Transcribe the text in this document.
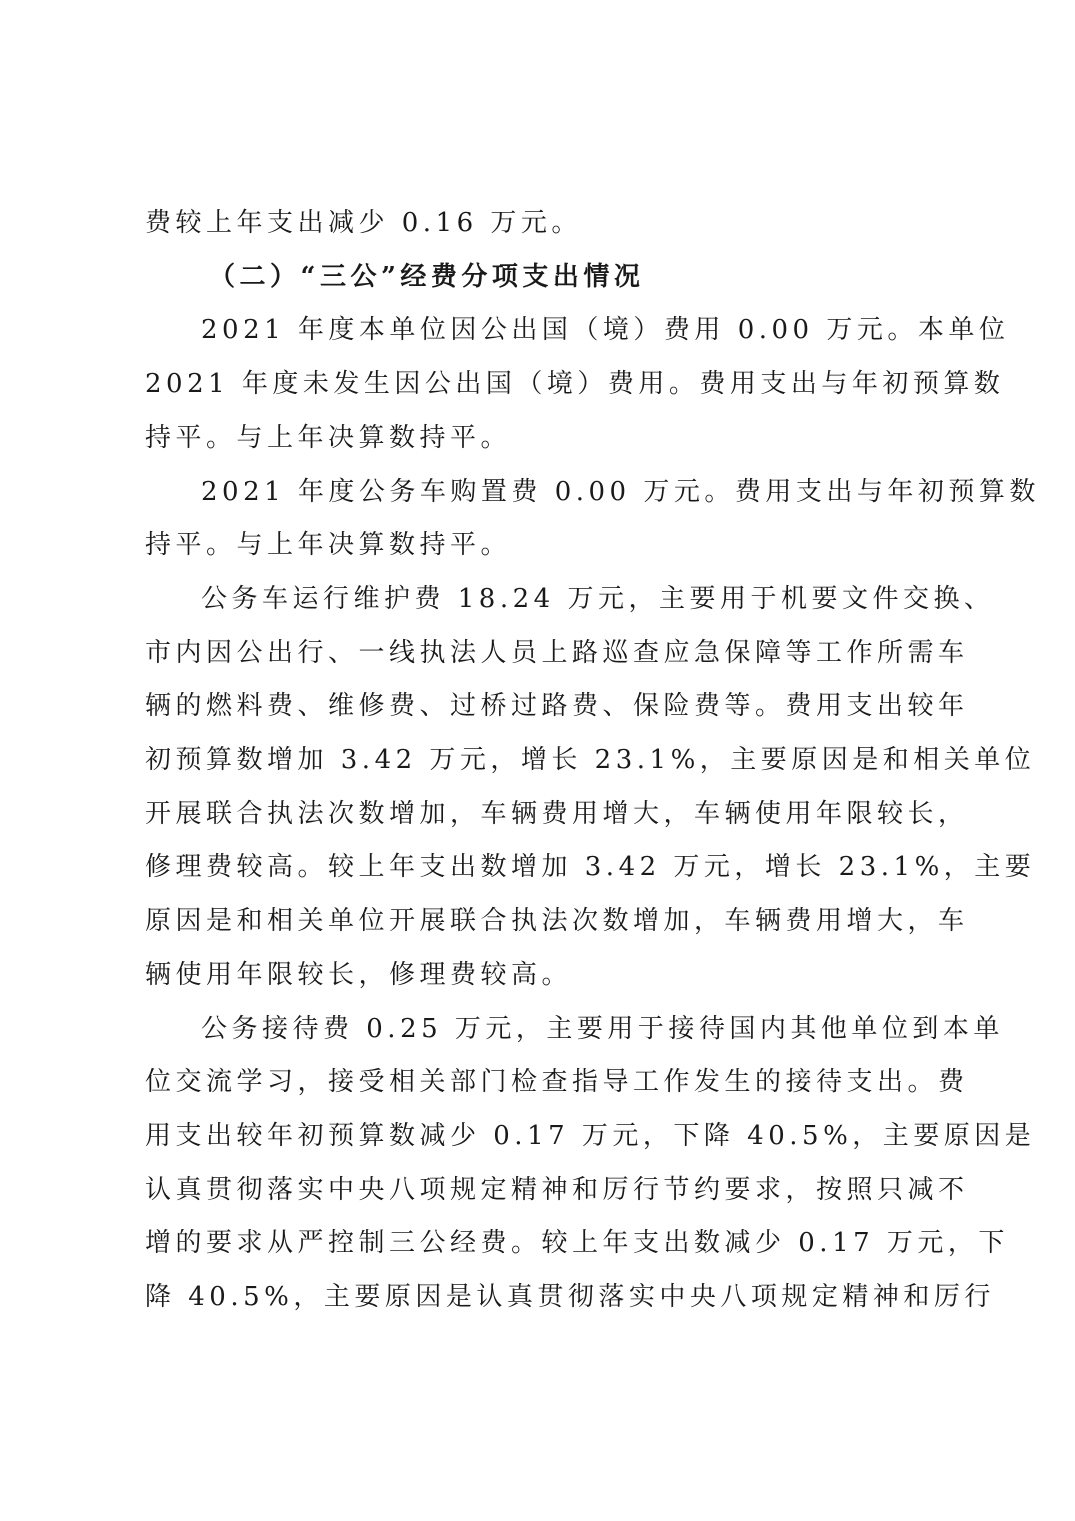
费较上年支出减少 0.16 万元。
（二）“三公”经费分项支出情况
2021 年度本单位因公出国（境）费用 0.00 万元。本单位
2021 年度未发生因公出国（境）费用。费用支出与年初预算数
持平。与上年决算数持平。
2021 年度公务车购置费 0.00 万元。费用支出与年初预算数
持平。与上年决算数持平。
公务车运行维护费 18.24 万元，主要用于机要文件交换、
市内因公出行、一线执法人员上路巡查应急保障等工作所需车
辆的燃料费、维修费、过桥过路费、保险费等。费用支出较年
初预算数增加 3.42 万元，增长 23.1%，主要原因是和相关单位
开展联合执法次数增加，车辆费用增大，车辆使用年限较长，
修理费较高。较上年支出数增加 3.42 万元，增长 23.1%，主要
原因是和相关单位开展联合执法次数增加，车辆费用增大，车
辆使用年限较长，修理费较高。
公务接待费 0.25 万元，主要用于接待国内其他单位到本单
位交流学习，接受相关部门检查指导工作发生的接待支出。费
用支出较年初预算数减少 0.17 万元，下降 40.5%，主要原因是
认真贯彻落实中央八项规定精神和厉行节约要求，按照只减不
增的要求从严控制三公经费。较上年支出数减少 0.17 万元，下
降 40.5%，主要原因是认真贯彻落实中央八项规定精神和厉行
